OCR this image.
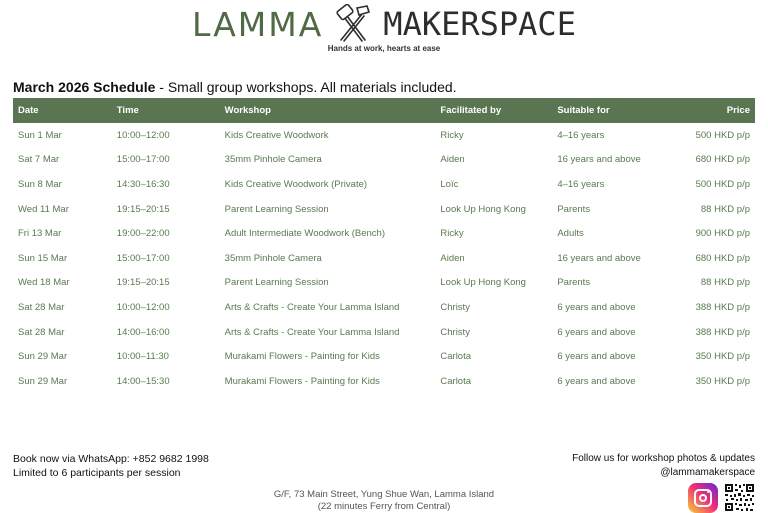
LAMMA MAKERSPACE
Hands at work, hearts at ease
March 2026 Schedule - Small group workshops. All materials included.
Date	Time	Workshop	Facilitated by	Suitable for	Price
Sun 1 Mar	10:00–12:00	Kids Creative Woodwork	Ricky	4–16 years	500 HKD p/p
Sat 7 Mar	15:00–17:00	35mm Pinhole Camera	Aiden	16 years and above	680 HKD p/p
Sun 8 Mar	14:30–16:30	Kids Creative Woodwork (Private)	Loïc	4–16 years	500 HKD p/p
Wed 11 Mar	19:15–20:15	Parent Learning Session	Look Up Hong Kong	Parents	88 HKD p/p
Fri 13 Mar	19:00–22:00	Adult Intermediate Woodwork (Bench)	Ricky	Adults	900 HKD p/p
Sun 15 Mar	15:00–17:00	35mm Pinhole Camera	Aiden	16 years and above	680 HKD p/p
Wed 18 Mar	19:15–20:15	Parent Learning Session	Look Up Hong Kong	Parents	88 HKD p/p
Sat 28 Mar	10:00–12:00	Arts & Crafts - Create Your Lamma Island	Christy	6 years and above	388 HKD p/p
Sat 28 Mar	14:00–16:00	Arts & Crafts - Create Your Lamma Island	Christy	6 years and above	388 HKD p/p
Sun 29 Mar	10:00–11:30	Murakami Flowers - Painting for Kids	Carlota	6 years and above	350 HKD p/p
Sun 29 Mar	14:00–15:30	Murakami Flowers - Painting for Kids	Carlota	6 years and above	350 HKD p/p
Book now via WhatsApp: +852 9682 1998
Limited to 6 participants per session
Follow us for workshop photos & updates
@lammamakerspace
G/F, 73 Main Street, Yung Shue Wan, Lamma Island
(22 minutes Ferry from Central)
